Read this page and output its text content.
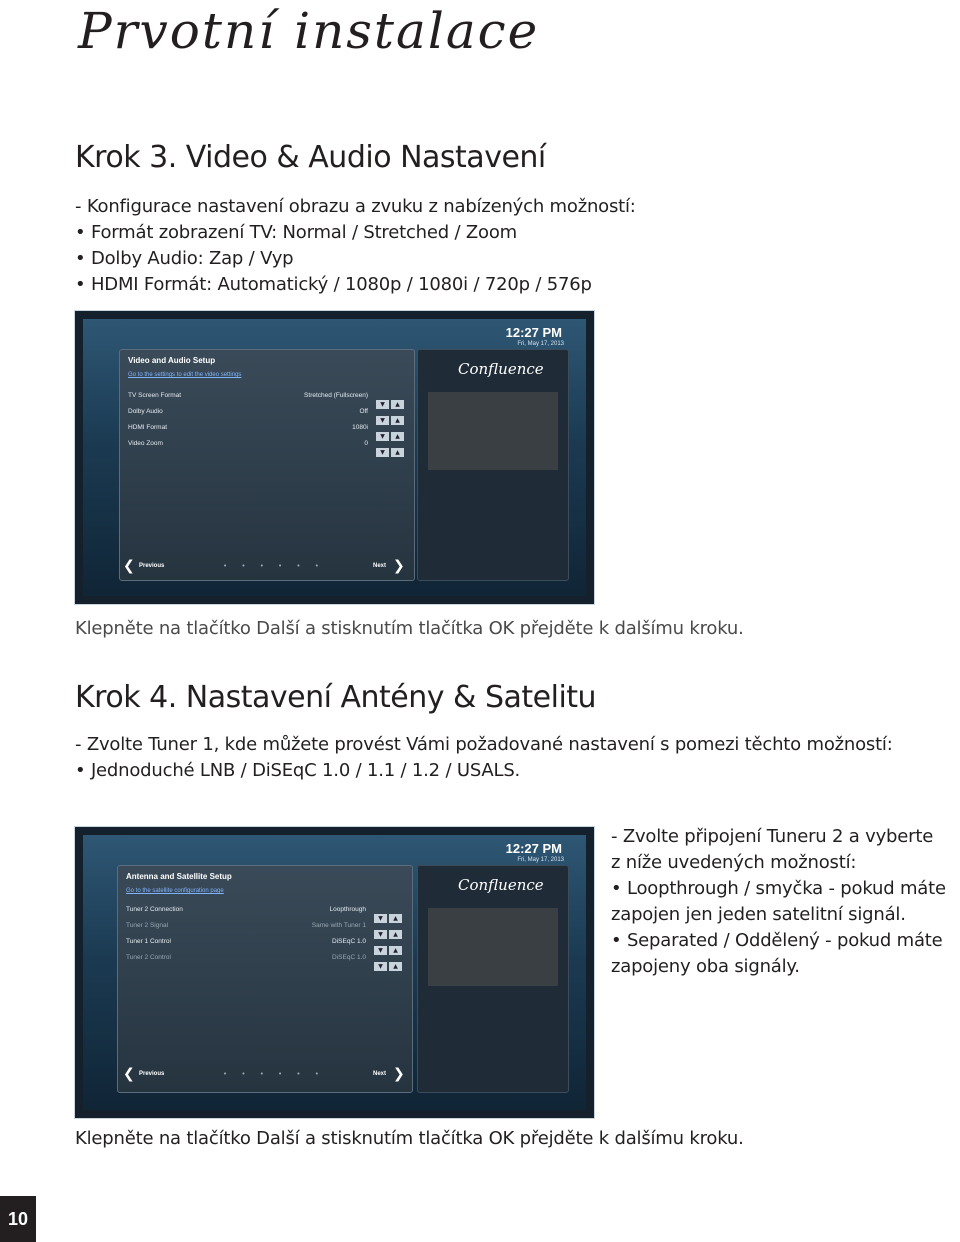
Prvotní instalace
Krok 3. Video & Audio Nastavení
- Konfigurace nastavení obrazu a zvuku z nabízených možností:
• Formát zobrazení TV: Normal / Stretched / Zoom
• Dolby Audio: Zap / Vyp
• HDMI Formát: Automatický / 1080p / 1080i / 720p / 576p
12:27 PM
Fri, May 17, 2013
Video and Audio Setup
Go to the settings to edit the video settings
TV Screen Format	Stretched (Fullscreen)
▼ ▲
Dolby Audio	Off
▼ ▲
HDMI Format	1080i
▼ ▲
Video Zoom	0
▼ ▲
Confluence
❮ Previous	• • • • • •	Next ❯
Klepněte na tlačítko Další a stisknutím tlačítka OK přejděte k dalšímu kroku.
Krok 4. Nastavení Antény & Satelitu
- Zvolte Tuner 1, kde můžete provést Vámi požadované nastavení s pomezi těchto možností:
• Jednoduché LNB / DiSEqC 1.0 / 1.1 / 1.2 / USALS.
12:27 PM
Fri, May 17, 2013
Antenna and Satellite Setup
Go to the satellite configuration page
Tuner 2 Connection	Loopthrough
▼ ▲
Tuner 2 Signal	Same with Tuner 1
▼ ▲
Tuner 1 Control	DiSEqC 1.0
▼ ▲
Tuner 2 Control	DiSEqC 1.0
▼ ▲
Confluence
❮ Previous	• • • • • •	Next ❯
- Zvolte připojení Tuneru 2 a vyberte
z níže uvedených možností:
• Loopthrough / smyčka - pokud máte
zapojen jen jeden satelitní signál.
• Separated / Oddělený - pokud máte
zapojeny oba signály.
Klepněte na tlačítko Další a stisknutím tlačítka OK přejděte k dalšímu kroku.
10
